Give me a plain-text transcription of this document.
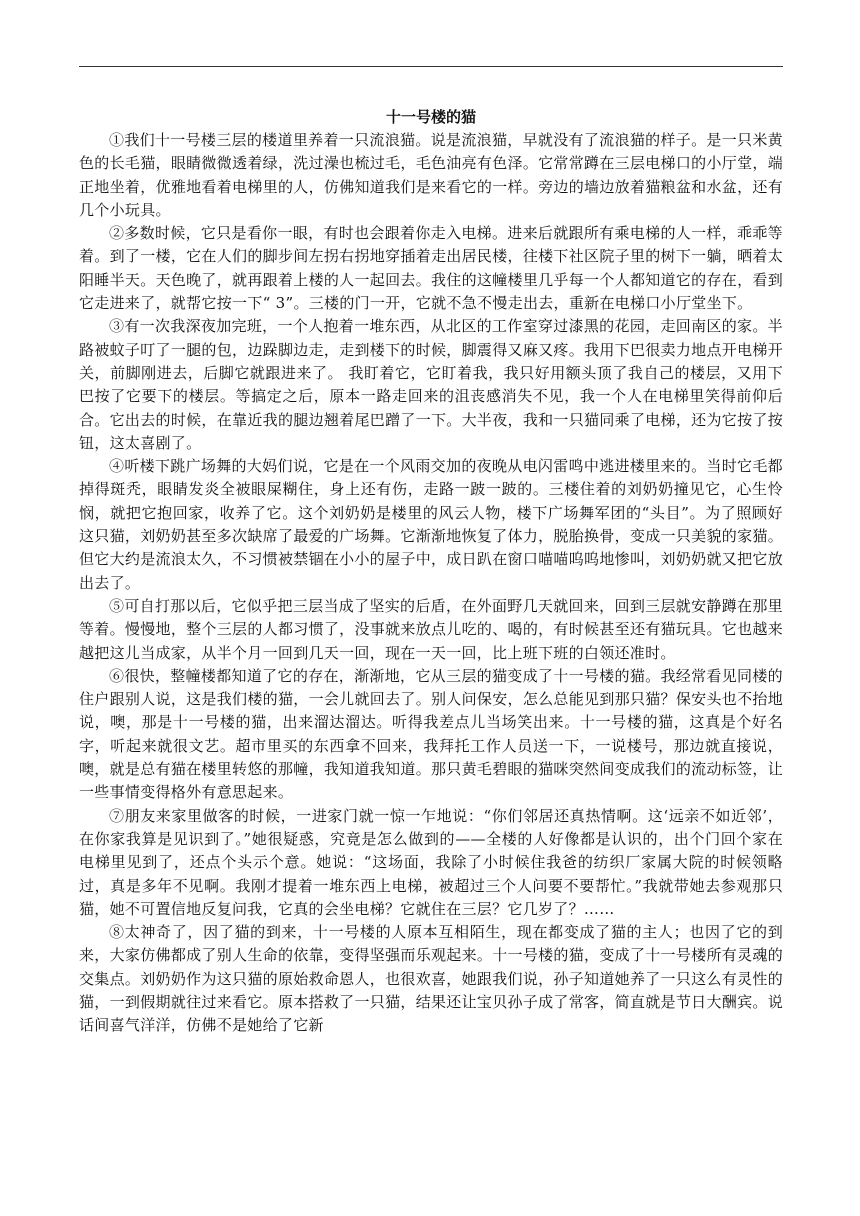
十一号楼的猫

①我们十一号楼三层的楼道里养着一只流浪猫。说是流浪猫，早就没有了流浪猫的样子。是一只米黄色的长毛猫，眼睛微微透着绿，洗过澡也梳过毛，毛色油亮有色泽。它常常蹲在三层电梯口的小厅堂，端正地坐着，优雅地看着电梯里的人，仿佛知道我们是来看它的一样。旁边的墙边放着猫粮盆和水盆，还有几个小玩具。

②多数时候，它只是看你一眼，有时也会跟着你走入电梯。进来后就跟所有乘电梯的人一样，乖乖等着。到了一楼，它在人们的脚步间左拐右拐地穿插着走出居民楼，往楼下社区院子里的树下一躺，晒着太阳睡半天。天色晚了，就再跟着上楼的人一起回去。我住的这幢楼里几乎每一个人都知道它的存在，看到它走进来了，就帮它按一下“ 3”。三楼的门一开，它就不急不慢走出去，重新在电梯口小厅堂坐下。

③有一次我深夜加完班，一个人抱着一堆东西，从北区的工作室穿过漆黑的花园，走回南区的家。半路被蚊子叮了一腿的包，边跺脚边走，走到楼下的时候，脚震得又麻又疼。我用下巴很卖力地点开电梯开关，前脚刚进去，后脚它就跟进来了。 我盯着它，它盯着我，我只好用额头顶了我自己的楼层，又用下巴按了它要下的楼层。等搞定之后，原本一路走回来的沮丧感消失不见，我一个人在电梯里笑得前仰后合。它出去的时候，在靠近我的腿边翘着尾巴蹭了一下。大半夜，我和一只猫同乘了电梯，还为它按了按钮，这太喜剧了。

④听楼下跳广场舞的大妈们说，它是在一个风雨交加的夜晚从电闪雷鸣中逃进楼里来的。当时它毛都掉得斑秃，眼睛发炎全被眼屎糊住，身上还有伤，走路一跛一跛的。三楼住着的刘奶奶撞见它，心生怜悯，就把它抱回家，收养了它。这个刘奶奶是楼里的风云人物，楼下广场舞军团的“头目”。为了照顾好这只猫，刘奶奶甚至多次缺席了最爱的广场舞。它渐渐地恢复了体力，脱胎换骨，变成一只美貌的家猫。但它大约是流浪太久，不习惯被禁锢在小小的屋子中，成日趴在窗口喵喵呜呜地惨叫，刘奶奶就又把它放出去了。

⑤可自打那以后，它似乎把三层当成了坚实的后盾，在外面野几天就回来，回到三层就安静蹲在那里等着。慢慢地，整个三层的人都习惯了，没事就来放点儿吃的、喝的，有时候甚至还有猫玩具。它也越来越把这儿当成家，从半个月一回到几天一回，现在一天一回，比上班下班的白领还准时。

⑥很快，整幢楼都知道了它的存在，渐渐地，它从三层的猫变成了十一号楼的猫。我经常看见同楼的住户跟别人说，这是我们楼的猫，一会儿就回去了。别人问保安，怎么总能见到那只猫？保安头也不抬地说，噢，那是十一号楼的猫，出来溜达溜达。听得我差点儿当场笑出来。十一号楼的猫，这真是个好名字，听起来就很文艺。超市里买的东西拿不回来，我拜托工作人员送一下，一说楼号，那边就直接说，噢，就是总有猫在楼里转悠的那幢，我知道我知道。那只黄毛碧眼的猫咪突然间变成我们的流动标签，让一些事情变得格外有意思起来。

⑦朋友来家里做客的时候，一进家门就一惊一乍地说：“你们邻居还真热情啊。这‘远亲不如近邻’，在你家我算是见识到了。”她很疑惑，究竟是怎么做到的——全楼的人好像都是认识的，出个门回个家在电梯里见到了，还点个头示个意。她说：“这场面，我除了小时候住我爸的纺织厂家属大院的时候领略过，真是多年不见啊。我刚才提着一堆东西上电梯，被超过三个人问要不要帮忙。”我就带她去参观那只猫，她不可置信地反复问我，它真的会坐电梯？它就住在三层？它几岁了？……

⑧太神奇了，因了猫的到来，十一号楼的人原本互相陌生，现在都变成了猫的主人；也因了它的到来，大家仿佛都成了别人生命的依靠，变得坚强而乐观起来。十一号楼的猫，变成了十一号楼所有灵魂的交集点。刘奶奶作为这只猫的原始救命恩人，也很欢喜，她跟我们说，孙子知道她养了一只这么有灵性的猫，一到假期就往过来看它。原本搭救了一只猫，结果还让宝贝孙子成了常客，简直就是节日大酬宾。说话间喜气洋洋，仿佛不是她给了它新
